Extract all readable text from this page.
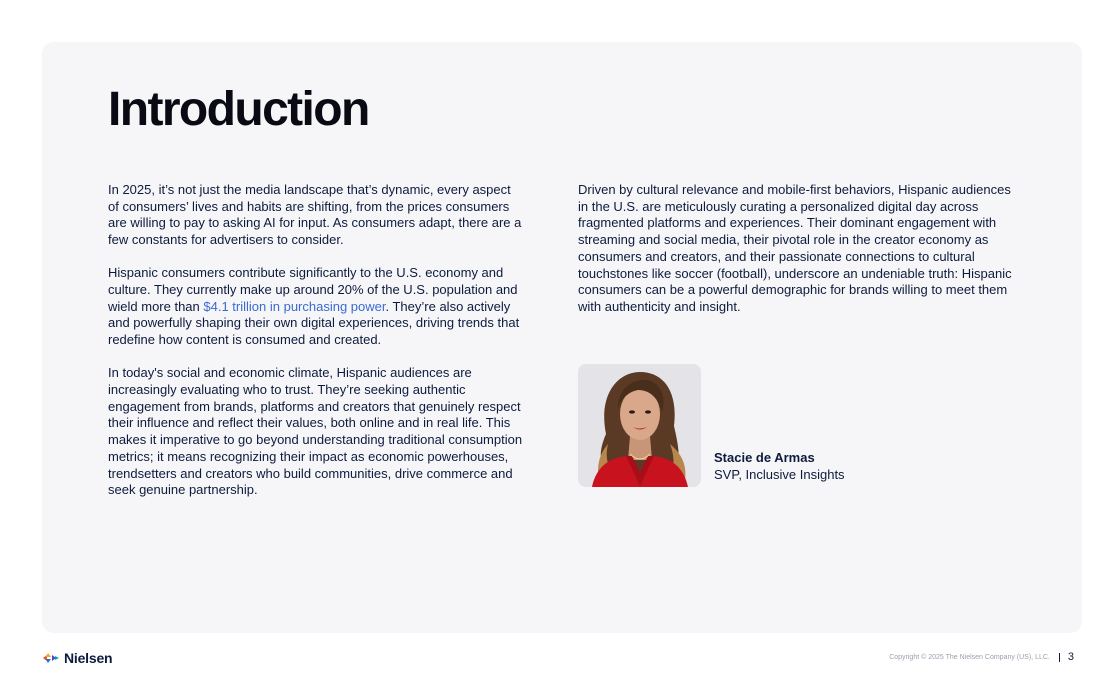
Introduction

In 2025, it’s not just the media landscape that’s dynamic, every aspect of consumers’ lives and habits are shifting, from the prices consumers are willing to pay to asking AI for input. As consumers adapt, there are a few constants for advertisers to consider.

Hispanic consumers contribute significantly to the U.S. economy and culture. They currently make up around 20% of the U.S. population and wield more than $4.1 trillion in purchasing power. They’re also actively and powerfully shaping their own digital experiences, driving trends that redefine how content is consumed and created.

In today's social and economic climate, Hispanic audiences are increasingly evaluating who to trust. They’re seeking authentic engagement from brands, platforms and creators that genuinely respect their influence and reflect their values, both online and in real life. This makes it imperative to go beyond understanding traditional consumption metrics; it means recognizing their impact as economic powerhouses, trendsetters and creators who build communities, drive commerce and seek genuine partnership.

Driven by cultural relevance and mobile-first behaviors, Hispanic audiences in the U.S. are meticulously curating a personalized digital day across fragmented platforms and experiences. Their dominant engagement with streaming and social media, their pivotal role in the creator economy as consumers and creators, and their passionate connections to cultural touchstones like soccer (football), underscore an undeniable truth: Hispanic consumers can be a powerful demographic for brands willing to meet them with authenticity and insight.

Stacie de Armas
SVP, Inclusive Insights
Nielsen	Copyright © 2025 The Nielsen Company (US), LLC. 3
